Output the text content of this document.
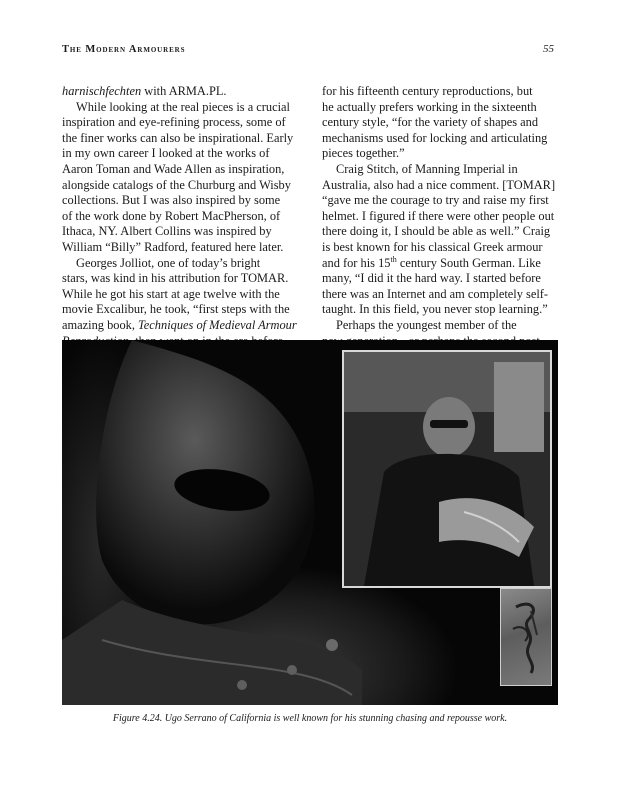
The Modern Armourers	55
harnischfechten with ARMA.PL.
While looking at the real pieces is a crucial
inspiration and eye-refining process, some of
the finer works can also be inspirational. Early
in my own career I looked at the works of
Aaron Toman and Wade Allen as inspiration,
alongside catalogs of the Churburg and Wisby
collections. But I was also inspired by some
of the work done by Robert MacPherson, of
Ithaca, NY. Albert Collins was inspired by
William “Billy” Radford, featured here later.
Georges Jolliot, one of today’s bright
stars, was kind in his attribution for TOMAR.
While he got his start at age twelve with the
movie Excalibur, he took, “first steps with the
amazing book, Techniques of Medieval Armour
for his fifteenth century reproductions, but
he actually prefers working in the sixteenth
century style, “for the variety of shapes and
mechanisms used for locking and articulating
pieces together.”
Craig Stitch, of Manning Imperial in
Australia, also had a nice comment. [TOMAR]
“gave me the courage to try and raise my first
helmet. I figured if there were other people out
there doing it, I should be able as well.” Craig
is best known for his classical Greek armour
and for his 15th century South German. Like
many, “I did it the hard way. I started before
there was an Internet and am completely self-
taught. In this field, you never stop learning.”
Perhaps the youngest member of the
Figure 4.24. Ugo Serrano of California is well known for his stunning chasing and repousse work.
